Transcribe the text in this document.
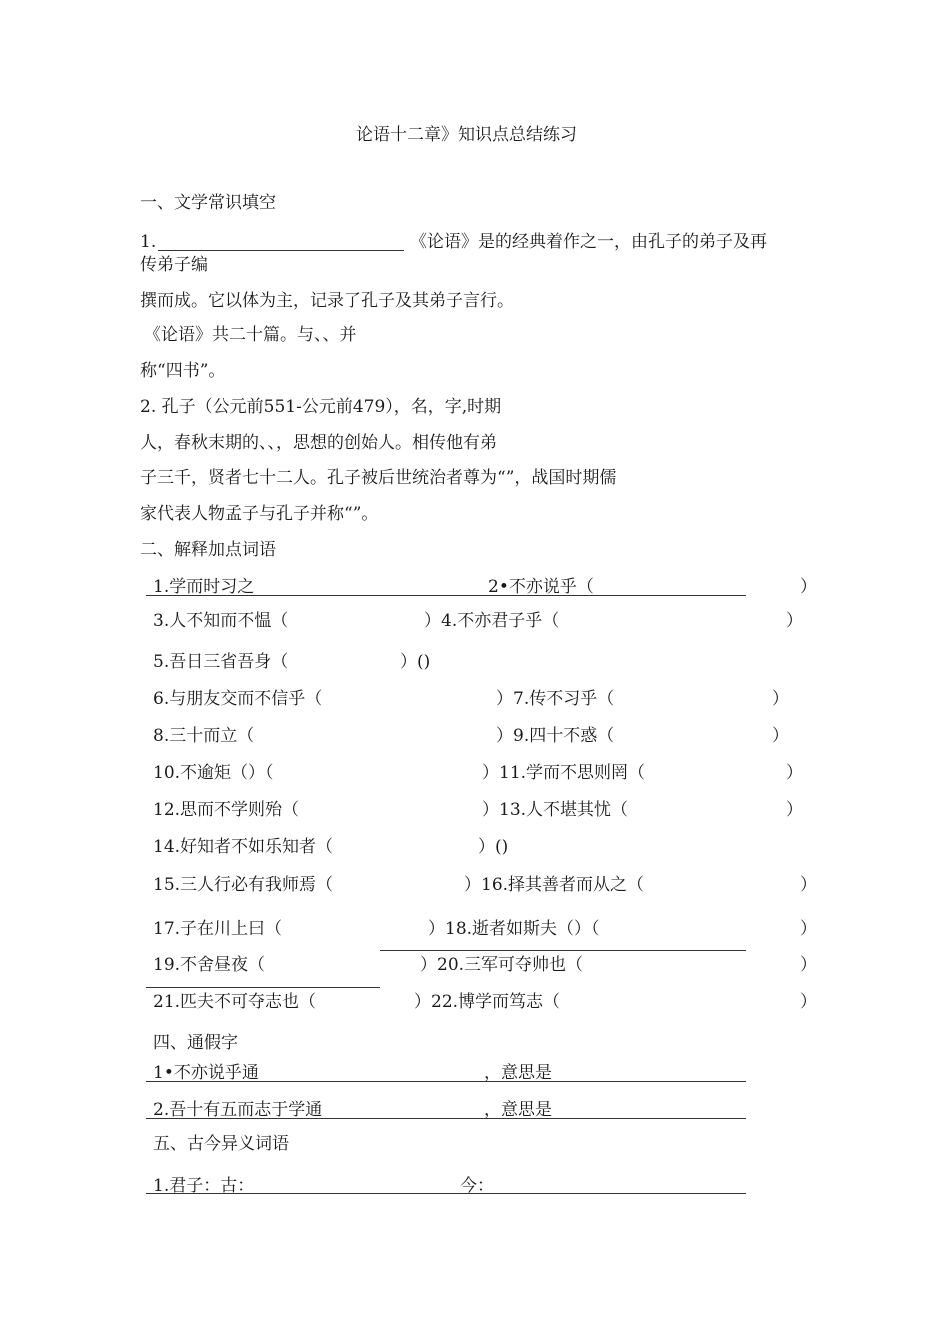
论语十二章》知识点总结练习
一、文学常识填空
1.	《论语》是的经典着作之一，由孔子的弟子及再
传弟子编
撰而成。它以体为主，记录了孔子及其弟子言行。
《论语》共二十篇。与、、并
称“四书”。
2. 孔子（公元前551-公元前479），名，字,时期
人，春秋末期的、、，思想的创始人。相传他有弟
子三千，贤者七十二人。孔子被后世统治者尊为“”，战国时期儒
家代表人物孟子与孔子并称“”。
二、解释加点词语
1.学而时习之	2•不亦说乎（	）
3.人不知而不愠（	）4.不亦君子乎（	）
5.吾日三省吾身（	）()
6.与朋友交而不信乎（	）7.传不习乎（	）
8.三十而立（	）9.四十不惑（	）
10.不逾矩（）（	）11.学而不思则罔（	）
12.思而不学则殆（	）13.人不堪其忧（	）
14.好知者不如乐知者（	）()
15.三人行必有我师焉（	）16.择其善者而从之（	）
17.子在川上曰（	）18.逝者如斯夫（）（	）
19.不舍昼夜（	）20.三军可夺帅也（	）
21.匹夫不可夺志也（	）22.博学而笃志（	）
四、通假字
1•不亦说乎通	，意思是
2.吾十有五而志于学通	，意思是
五、古今异义词语
1.君子：古：	今：
